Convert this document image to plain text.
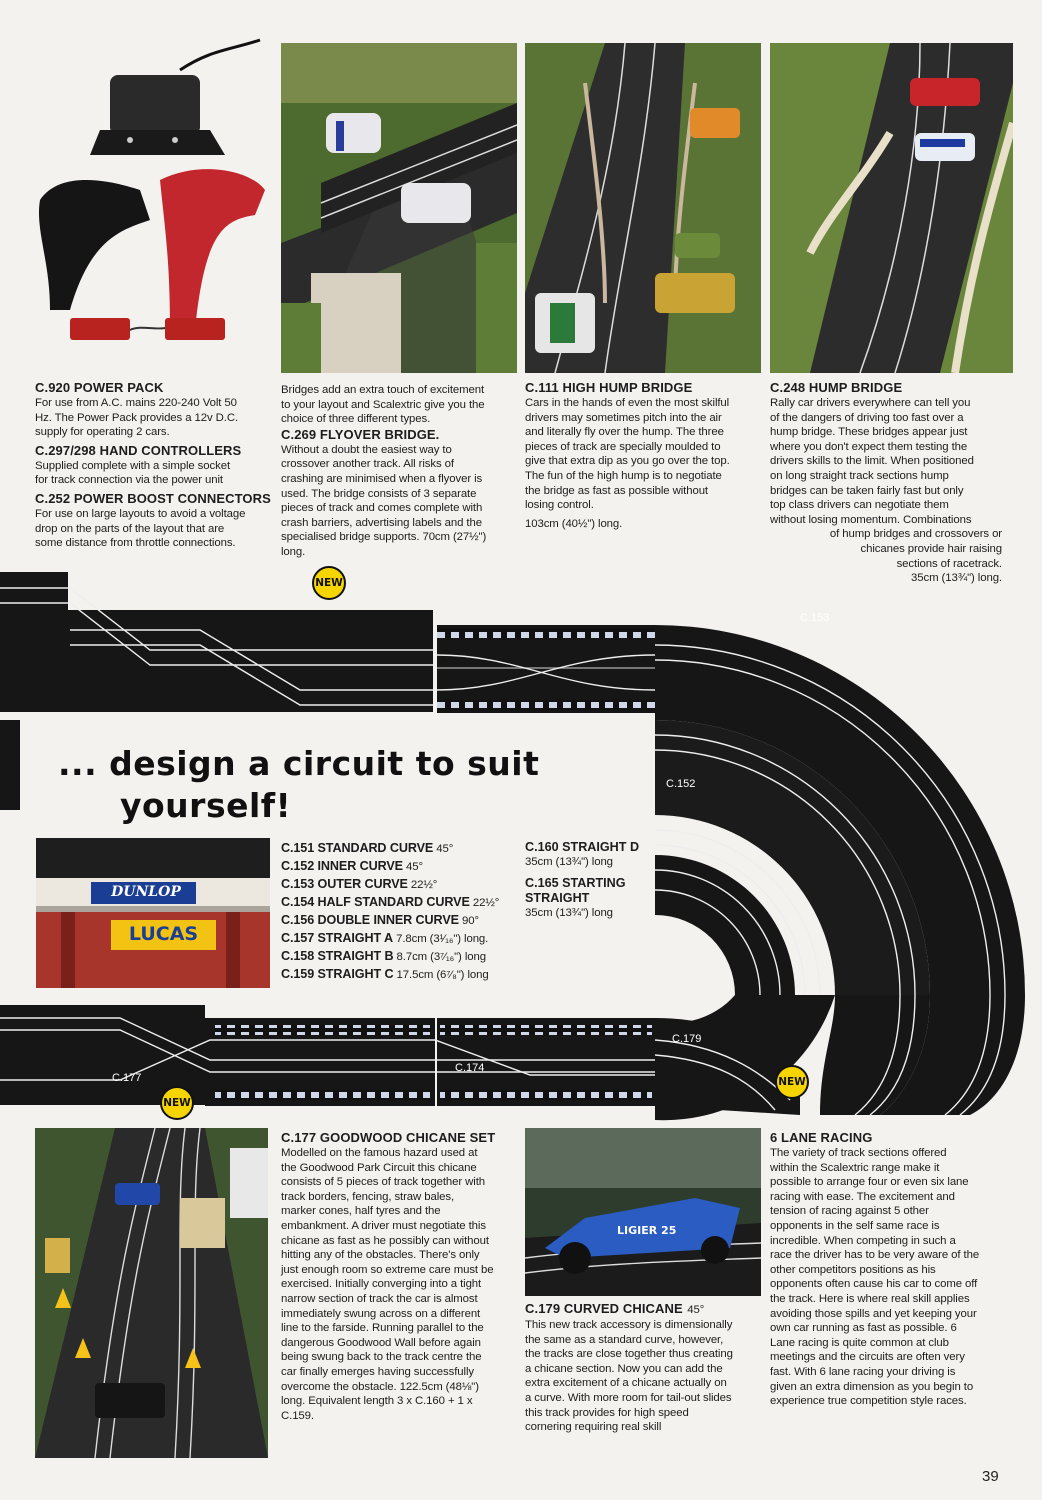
C.920 POWER PACK
For use from A.C. mains 220-240 Volt 50
Hz. The Power Pack provides a 12v D.C.
supply for operating 2 cars.
C.297/298 HAND CONTROLLERS
Supplied complete with a simple socket
for track connection via the power unit
C.252 POWER BOOST CONNECTORS
For use on large layouts to avoid a voltage
drop on the parts of the layout that are
some distance from throttle connections.
Bridges add an extra touch of excitement
to your layout and Scalextric give you the
choice of three different types.
C.269 FLYOVER BRIDGE.
Without a doubt the easiest way to
crossover another track. All risks of
crashing are minimised when a flyover is
used. The bridge consists of 3 separate
pieces of track and comes complete with
crash barriers, advertising labels and the
specialised bridge supports. 70cm (27½")
long.
C.111 HIGH HUMP BRIDGE
Cars in the hands of even the most skilful
drivers may sometimes pitch into the air
and literally fly over the hump. The three
pieces of track are specially moulded to
give that extra dip as you go over the top.
The fun of the high hump is to negotiate
the bridge as fast as possible without
losing control.
103cm (40½") long.
C.248 HUMP BRIDGE
Rally car drivers everywhere can tell you
of the dangers of driving too fast over a
hump bridge. These bridges appear just
where you don't expect them testing the
drivers skills to the limit. When positioned
on long straight track sections hump
bridges can be taken fairly fast but only
top class drivers can negotiate them
without losing momentum. Combinations
of hump bridges and crossovers or
chicanes provide hair raising
sections of racetrack.
35cm (13¾") long.
NEW
C.153
C.152
C.179
C.174
C.177
NEW
NEW
... design a circuit to suit
yourself!
DUNLOP
LUCAS
C.151 STANDARD CURVE 45°
C.152 INNER CURVE 45°
C.153 OUTER CURVE 22½°
C.154 HALF STANDARD CURVE 22½°
C.156 DOUBLE INNER CURVE 90°
C.157 STRAIGHT A 7.8cm (3¹⁄₁₆") long.
C.158 STRAIGHT B 8.7cm (3⁷⁄₁₆") long
C.159 STRAIGHT C 17.5cm (6⁷⁄₈") long
C.160 STRAIGHT D
35cm (13¾") long
C.165 STARTING
STRAIGHT
35cm (13¾") long
LIGIER 25
C.177 GOODWOOD CHICANE SET
Modelled on the famous hazard used at
the Goodwood Park Circuit this chicane
consists of 5 pieces of track together with
track borders, fencing, straw bales,
marker cones, half tyres and the
embankment. A driver must negotiate this
chicane as fast as he possibly can without
hitting any of the obstacles. There's only
just enough room so extreme care must be
exercised. Initially converging into a tight
narrow section of track the car is almost
immediately swung across on a different
line to the farside. Running parallel to the
dangerous Goodwood Wall before again
being swung back to the track centre the
car finally emerges having successfully
overcome the obstacle. 122.5cm (48⅛")
long. Equivalent length 3 x C.160 + 1 x
C.159.
C.179 CURVED CHICANE 45°
This new track accessory is dimensionally
the same as a standard curve, however,
the tracks are close together thus creating
a chicane section. Now you can add the
extra excitement of a chicane actually on
a curve. With more room for tail-out slides
this track provides for high speed
cornering requiring real skill
6 LANE RACING
The variety of track sections offered
within the Scalextric range make it
possible to arrange four or even six lane
racing with ease. The excitement and
tension of racing against 5 other
opponents in the self same race is
incredible. When competing in such a
race the driver has to be very aware of the
other competitors positions as his
opponents often cause his car to come off
the track. Here is where real skill applies
avoiding those spills and yet keeping your
own car running as fast as possible. 6
Lane racing is quite common at club
meetings and the circuits are often very
fast. With 6 lane racing your driving is
given an extra dimension as you begin to
experience true competition style races.
39
